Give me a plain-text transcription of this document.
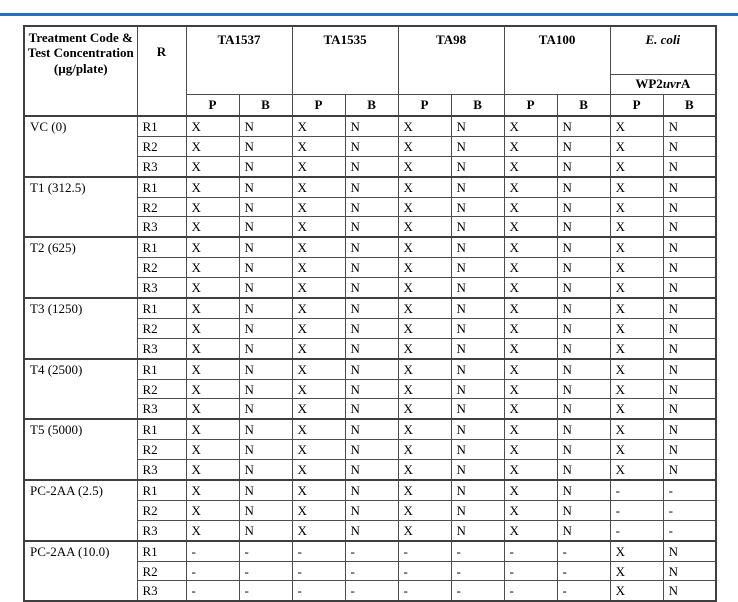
Treatment Code &
Test Concentration
(µg/plate)	R	TA1537		TA1535		TA98		TA100		E. coli	
										WP2uvrA	
		P	B	P	B	P	B	P	B	P	B
VC (0)	R1	X	N	X	N	X	N	X	N	X	N
	R2	X	N	X	N	X	N	X	N	X	N
	R3	X	N	X	N	X	N	X	N	X	N
T1 (312.5)	R1	X	N	X	N	X	N	X	N	X	N
	R2	X	N	X	N	X	N	X	N	X	N
	R3	X	N	X	N	X	N	X	N	X	N
T2 (625)	R1	X	N	X	N	X	N	X	N	X	N
	R2	X	N	X	N	X	N	X	N	X	N
	R3	X	N	X	N	X	N	X	N	X	N
T3 (1250)	R1	X	N	X	N	X	N	X	N	X	N
	R2	X	N	X	N	X	N	X	N	X	N
	R3	X	N	X	N	X	N	X	N	X	N
T4 (2500)	R1	X	N	X	N	X	N	X	N	X	N
	R2	X	N	X	N	X	N	X	N	X	N
	R3	X	N	X	N	X	N	X	N	X	N
T5 (5000)	R1	X	N	X	N	X	N	X	N	X	N
	R2	X	N	X	N	X	N	X	N	X	N
	R3	X	N	X	N	X	N	X	N	X	N
PC-2AA (2.5)	R1	X	N	X	N	X	N	X	N	-	-
	R2	X	N	X	N	X	N	X	N	-	-
	R3	X	N	X	N	X	N	X	N	-	-
PC-2AA (10.0)	R1	-	-	-	-	-	-	-	-	X	N
	R2	-	-	-	-	-	-	-	-	X	N
	R3	-	-	-	-	-	-	-	-	X	N
